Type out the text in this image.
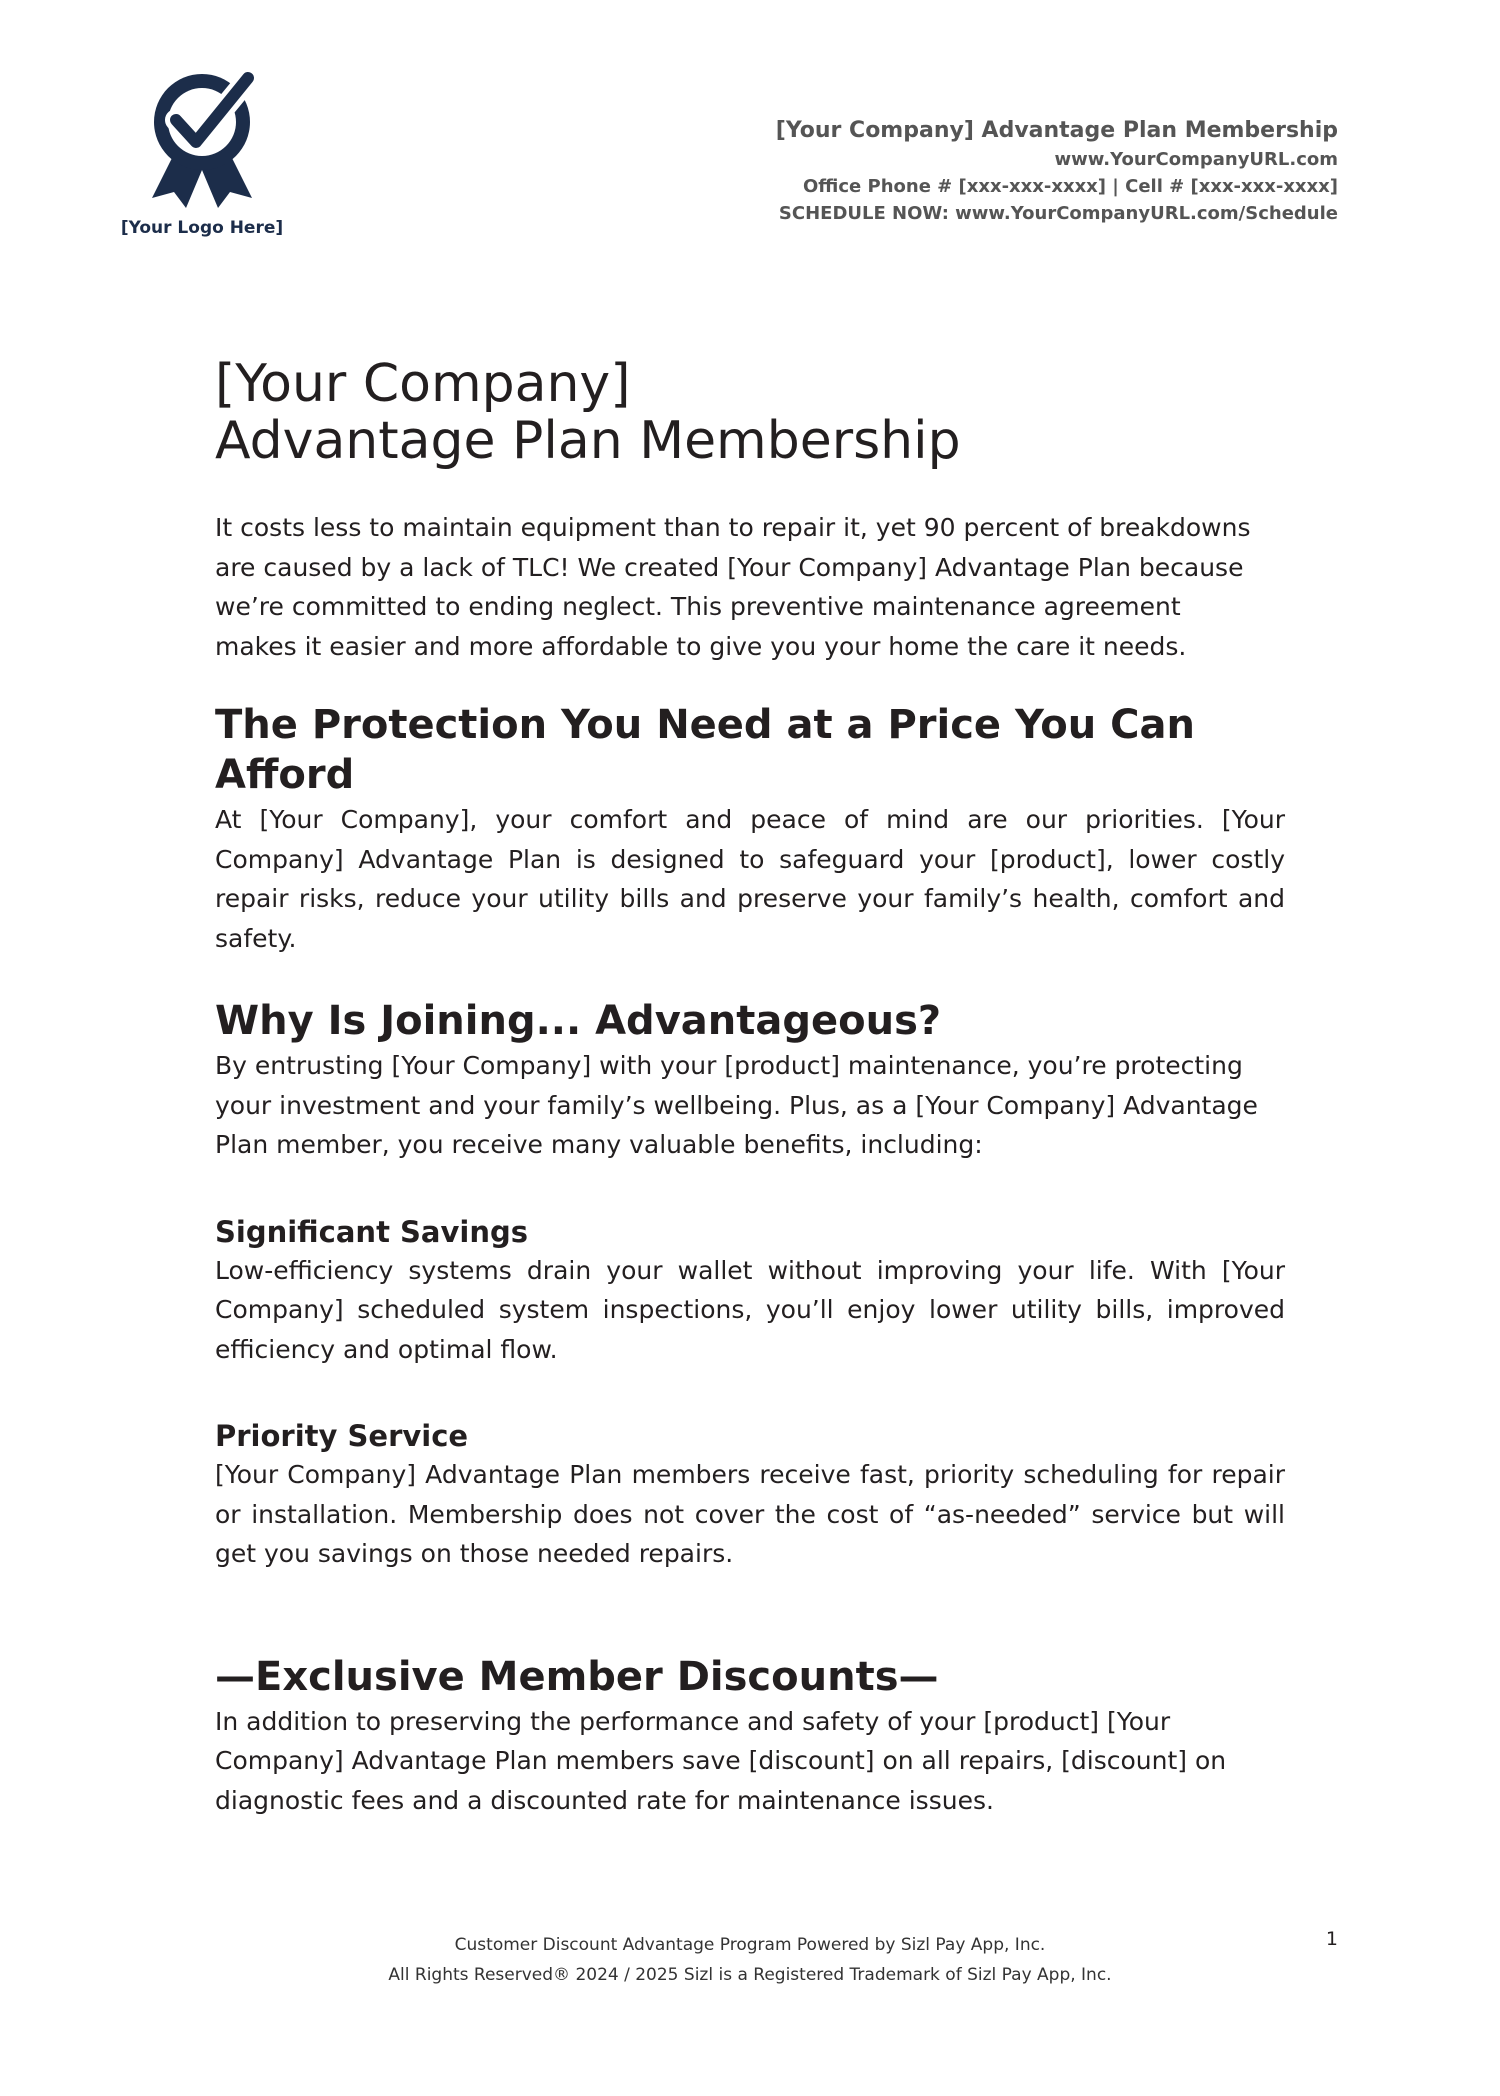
[Your Logo Here]
[Your Company] Advantage Plan Membership
www.YourCompanyURL.com
Office Phone # [xxx-xxx-xxxx] | Cell # [xxx-xxx-xxxx]
SCHEDULE NOW: www.YourCompanyURL.com/Schedule
[Your Company]
Advantage Plan Membership

It costs less to maintain equipment than to repair it, yet 90 percent of breakdowns are caused by a lack of TLC! We created [Your Company] Advantage Plan because we’re committed to ending neglect. This preventive maintenance agreement makes it easier and more affordable to give you your home the care it needs.

The Protection You Need at a Price You Can Afford

At [Your Company], your comfort and peace of mind are our priorities. [Your Company] Advantage Plan is designed to safeguard your [product], lower costly repair risks, reduce your utility bills and preserve your family’s health, comfort and safety.

Why Is Joining... Advantageous?

By entrusting [Your Company] with your [product] maintenance, you’re protecting your investment and your family’s wellbeing. Plus, as a [Your Company] Advantage Plan member, you receive many valuable benefits, including:

Significant Savings

Low-efficiency systems drain your wallet without improving your life. With [Your Company] scheduled system inspections, you’ll enjoy lower utility bills, improved efficiency and optimal flow.

Priority Service

[Your Company] Advantage Plan members receive fast, priority scheduling for repair or installation. Membership does not cover the cost of “as-needed” service but will get you savings on those needed repairs.

—Exclusive Member Discounts—

In addition to preserving the performance and safety of your [product] [Your Company] Advantage Plan members save [discount] on all repairs, [discount] on diagnostic fees and a discounted rate for maintenance issues.

Customer Discount Advantage Program Powered by Sizl Pay App, Inc.
All Rights Reserved® 2024 / 2025 Sizl is a Registered Trademark of Sizl Pay App, Inc.
1
